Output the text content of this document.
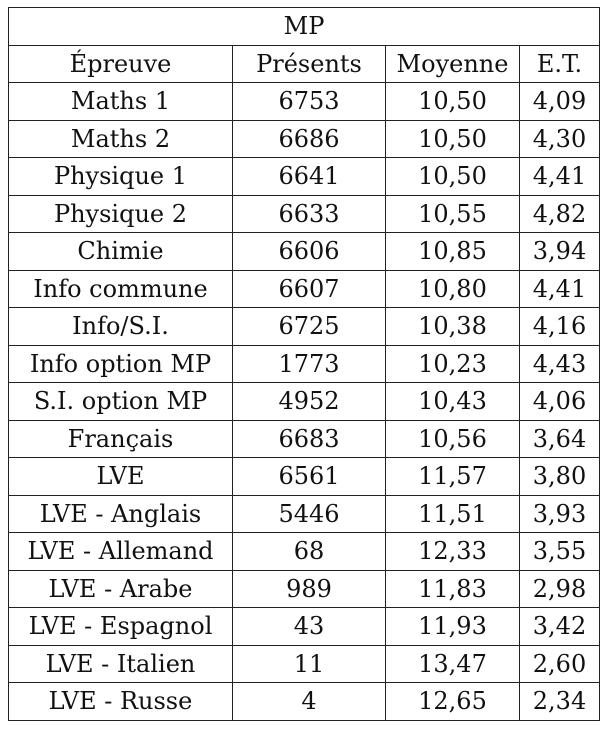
MP			
Épreuve	Présents	Moyenne	E.T.
Maths 1	6753	10,50	4,09
Maths 2	6686	10,50	4,30
Physique 1	6641	10,50	4,41
Physique 2	6633	10,55	4,82
Chimie	6606	10,85	3,94
Info commune	6607	10,80	4,41
Info/S.I.	6725	10,38	4,16
Info option MP	1773	10,23	4,43
S.I. option MP	4952	10,43	4,06
Français	6683	10,56	3,64
LVE	6561	11,57	3,80
LVE - Anglais	5446	11,51	3,93
LVE - Allemand	68	12,33	3,55
LVE - Arabe	989	11,83	2,98
LVE - Espagnol	43	11,93	3,42
LVE - Italien	11	13,47	2,60
LVE - Russe	4	12,65	2,34
